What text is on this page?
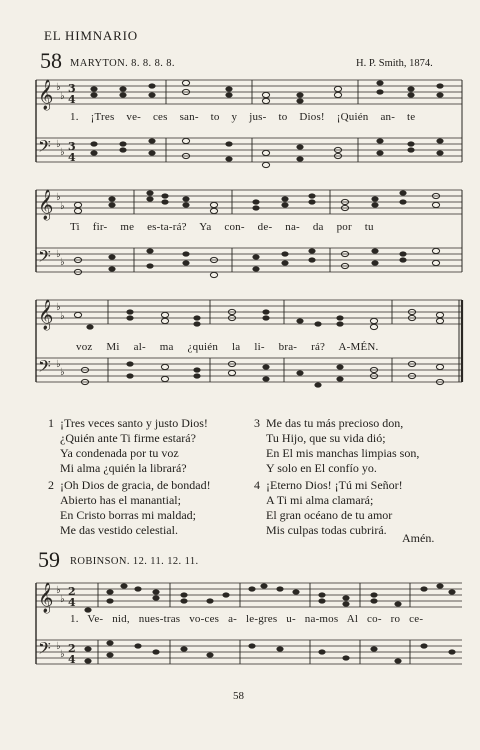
EL HIMNARIO
58 MARYTON. 8. 8. 8. 8.	H. P. Smith, 1874.
𝄞
𝄢
♭
♭
♭
♭
3
4
3
4
1. ¡Tres ve- ces san- to y jus- to Dios! ¡Quién an- te
𝄞
𝄢
♭
♭
♭
♭
Ti fir- me es-ta-rá? Ya con- de- na- da por tu
𝄞
𝄢
♭
♭
♭
♭
voz Mi al- ma ¿quién la li- bra- rá? A-MÉN.
1 ¡Tres veces santo y justo Dios!
¿Quién ante Ti firme estará?
Ya condenada por tu voz
Mi alma ¿quién la librará?
2 ¡Oh Dios de gracia, de bondad!
Abierto has el manantial;
En Cristo borras mi maldad;
Me das vestido celestial.
3 Me das tu más precioso don,
Tu Hijo, que su vida dió;
En El mis manchas limpias son,
Y solo en El confío yo.
4 ¡Eterno Dios! ¡Tú mi Señor!
A Ti mi alma clamará;
El gran océano de tu amor
Mis culpas todas cubrirá.
Amén.
59 ROBINSON. 12. 11. 12. 11.
𝄞
𝄢
♭
♭
♭
♭
2
4
2
4
1. Ve- nid, nues-tras vo-ces a- le-gres u- na-mos Al co- ro ce-
58
